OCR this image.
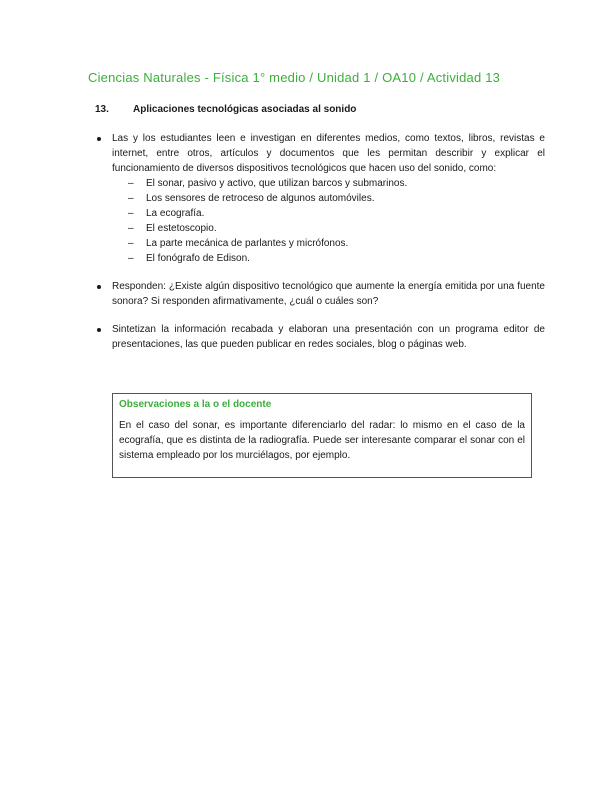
Ciencias Naturales - Física 1° medio / Unidad 1 / OA10 / Actividad 13
13. Aplicaciones tecnológicas asociadas al sonido
Las y los estudiantes leen e investigan en diferentes medios, como textos, libros, revistas e internet, entre otros, artículos y documentos que les permitan describir y explicar el funcionamiento de diversos dispositivos tecnológicos que hacen uso del sonido, como:
– El sonar, pasivo y activo, que utilizan barcos y submarinos.
– Los sensores de retroceso de algunos automóviles.
– La ecografía.
– El estetoscopio.
– La parte mecánica de parlantes y micrófonos.
– El fonógrafo de Edison.
Responden: ¿Existe algún dispositivo tecnológico que aumente la energía emitida por una fuente sonora? Si responden afirmativamente, ¿cuál o cuáles son?
Sintetizan la información recabada y elaboran una presentación con un programa editor de presentaciones, las que pueden publicar en redes sociales, blog o páginas web.
Observaciones a la o el docente
En el caso del sonar, es importante diferenciarlo del radar: lo mismo en el caso de la ecografía, que es distinta de la radiografía. Puede ser interesante comparar el sonar con el sistema empleado por los murciélagos, por ejemplo.
